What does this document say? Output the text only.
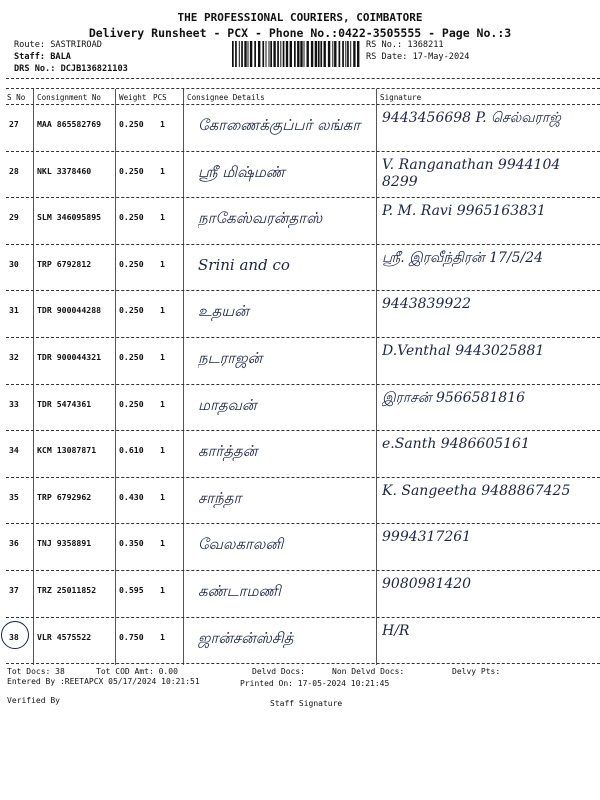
THE PROFESSIONAL COURIERS, COIMBATORE
Delivery Runsheet - PCX - Phone No.:0422-3505555 - Page No.:3
Route: SASTRIROAD
Staff: BALA
DRS No.: DCJB136821103
RS No.: 1368211
RS Date: 17-May-2024
S No Consignment No Weight PCS	Consignee Details	Signature
27 MAA 865582769 0.250 1 கோணைக்குப்பர் லங்கா	9443456698 P. செல்வராஜ்
28 NKL 3378460	0.250 1 ஸ்ரீ மிஷ்மண்	V. Ranganathan 9944104 8299
29 SLM 346095895 0.250 1 நாகேஸ்வரன்தாஸ்	P. M. Ravi 9965163831
30 TRP 6792812	0.250 1 Srini and co	ஸ்ரீ. இரவீந்திரன் 17/5/24
31 TDR 900044288 0.250 1 உதயன்	9443839922
32 TDR 900044321 0.250 1 நடராஜன்	D.Venthal 9443025881
33 TDR 5474361	0.250 1 மாதவன்	இராசன் 9566581816
34 KCM 13087871	0.610 1 கார்த்தன்	e.Santh 9486605161
35 TRP 6792962	0.430 1 சாந்தா	K. Sangeetha 9488867425
36 TNJ 9358891	0.350 1 வேலகாலனி	9994317261
37 TRZ 25011852	0.595 1 கண்டாமணி	9080981420
38 VLR 4575522	0.750 1 ஜான்சன்ஸ்சித்	H/R
Tot Docs: 38	Tot COD Amt: 0.00	Delvd Docs:	Non Delvd Docs:	Delvy Pts:
Entered By :REETAPCX 05/17/2024 10:21:51	Printed On: 17-05-2024 10:21:45
Verified By	Staff Signature
